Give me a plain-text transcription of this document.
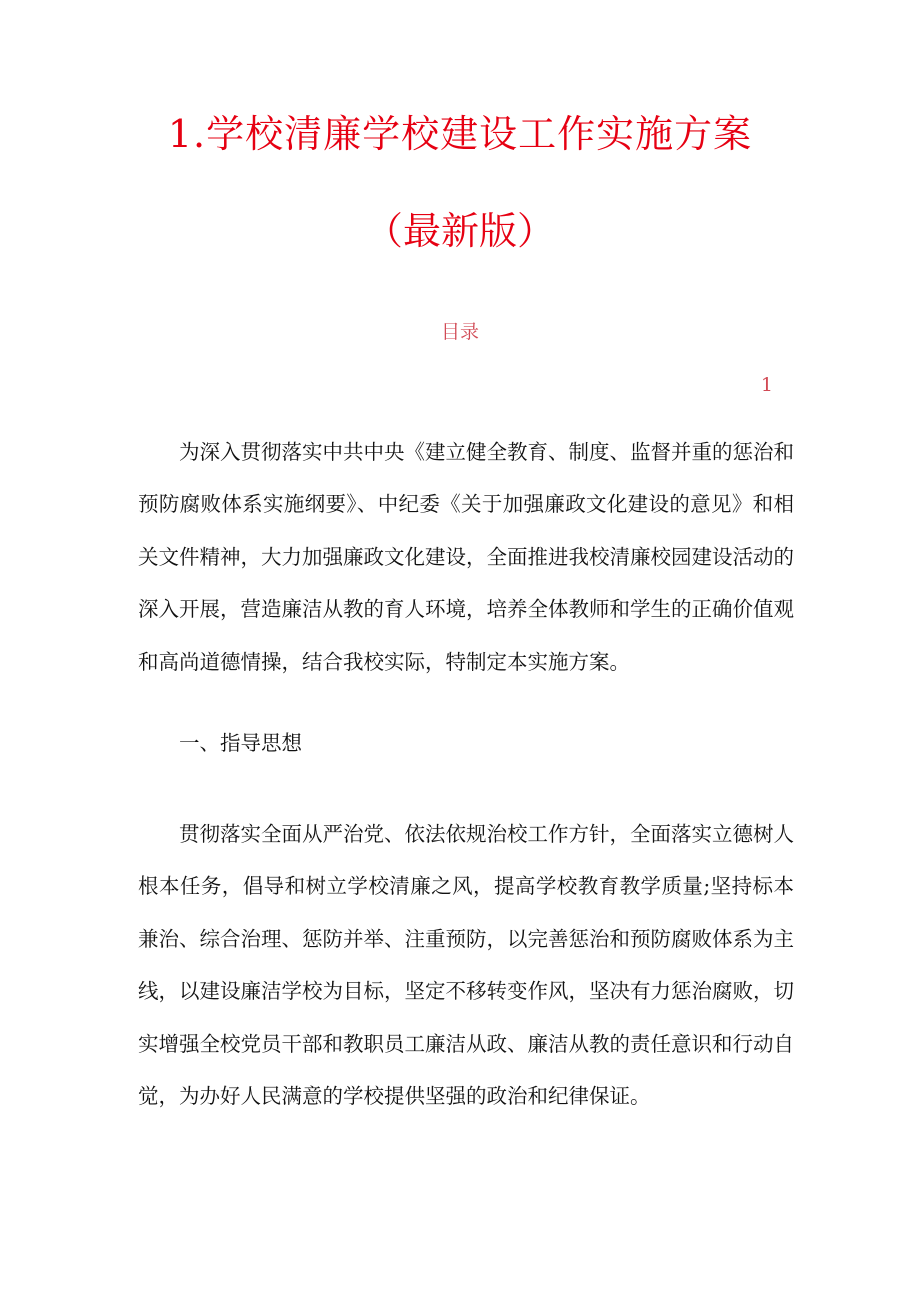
1.学校清廉学校建设工作实施方案
（最新版）
目录
1

为深入贯彻落实中共中央《建立健全教育、制度、监督并重的惩治和预防腐败体系实施纲要》、中纪委《关于加强廉政文化建设的意见》和相关文件精神，大力加强廉政文化建设，全面推进我校清廉校园建设活动的深入开展，营造廉洁从教的育人环境，培养全体教师和学生的正确价值观和高尚道德情操，结合我校实际，特制定本实施方案。

一、指导思想

贯彻落实全面从严治党、依法依规治校工作方针，全面落实立德树人根本任务，倡导和树立学校清廉之风，提高学校教育教学质量;坚持标本兼治、综合治理、惩防并举、注重预防，以完善惩治和预防腐败体系为主线，以建设廉洁学校为目标，坚定不移转变作风，坚决有力惩治腐败，切实增强全校党员干部和教职员工廉洁从政、廉洁从教的责任意识和行动自觉，为办好人民满意的学校提供坚强的政治和纪律保证。
